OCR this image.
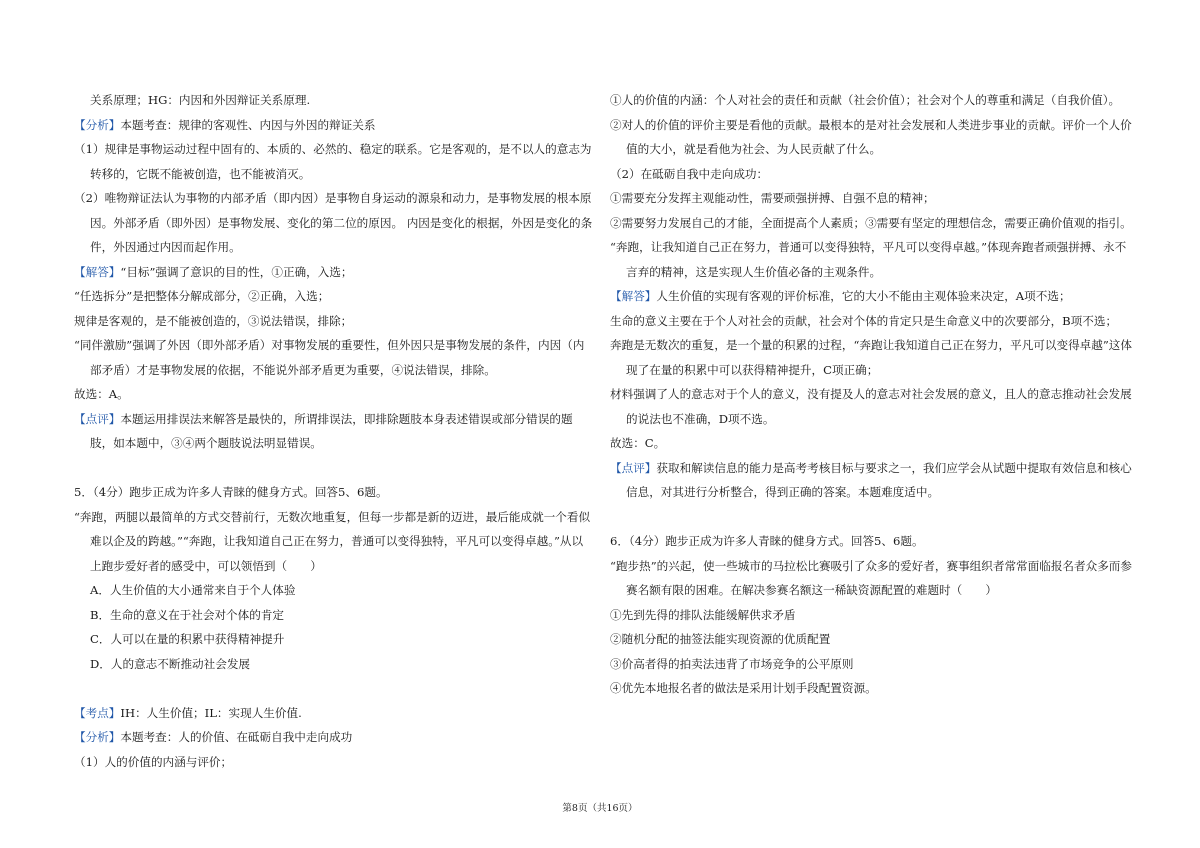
关系原理；HG：内因和外因辩证关系原理.

【分析】本题考查：规律的客观性、内因与外因的辩证关系

（1）规律是事物运动过程中固有的、本质的、必然的、稳定的联系。它是客观的，是不以人的意志为转移的，它既不能被创造，也不能被消灭。

（2）唯物辩证法认为事物的内部矛盾（即内因）是事物自身运动的源泉和动力，是事物发展的根本原因。外部矛盾（即外因）是事物发展、变化的第二位的原因。 内因是变化的根据，外因是变化的条件，外因通过内因而起作用。

【解答】“目标”强调了意识的目的性，①正确，入选；

“任选拆分”是把整体分解成部分，②正确，入选；

规律是客观的，是不能被创造的，③说法错误，排除；

“同伴激励”强调了外因（即外部矛盾）对事物发展的重要性，但外因只是事物发展的条件，内因（内部矛盾）才是事物发展的依据，不能说外部矛盾更为重要，④说法错误，排除。

故选：A。

【点评】本题运用排误法来解答是最快的，所谓排误法，即排除题肢本身表述错误或部分错误的题肢，如本题中，③④两个题肢说法明显错误。

5．（4分）跑步正成为许多人青睐的健身方式。回答5、6题。

“奔跑，两腿以最简单的方式交替前行，无数次地重复，但每一步都是新的迈进，最后能成就一个看似难以企及的跨越。”“奔跑，让我知道自己正在努力，普通可以变得独特，平凡可以变得卓越。”从以上跑步爱好者的感受中，可以领悟到（　　）

A．人生价值的大小通常来自于个人体验

B．生命的意义在于社会对个体的肯定

C．人可以在量的积累中获得精神提升

D．人的意志不断推动社会发展

【考点】IH：人生价值；IL：实现人生价值.

【分析】本题考查：人的价值、在砥砺自我中走向成功

（1）人的价值的内涵与评价；

①人的价值的内涵：个人对社会的责任和贡献（社会价值）；社会对个人的尊重和满足（自我价值）。

②对人的价值的评价主要是看他的贡献。最根本的是对社会发展和人类进步事业的贡献。评价一个人价值的大小，就是看他为社会、为人民贡献了什么。

（2）在砥砺自我中走向成功：

①需要充分发挥主观能动性，需要顽强拼搏、自强不息的精神；

②需要努力发展自己的才能，全面提高个人素质；③需要有坚定的理想信念，需要正确价值观的指引。

“奔跑，让我知道自己正在努力，普通可以变得独特，平凡可以变得卓越。”体现奔跑者顽强拼搏、永不言弃的精神，这是实现人生价值必备的主观条件。

【解答】人生价值的实现有客观的评价标准，它的大小不能由主观体验来决定，A项不选；

生命的意义主要在于个人对社会的贡献，社会对个体的肯定只是生命意义中的次要部分，B项不选；

奔跑是无数次的重复，是一个量的积累的过程，“奔跑让我知道自己正在努力，平凡可以变得卓越”这体现了在量的积累中可以获得精神提升，C项正确；

材料强调了人的意志对于个人的意义，没有提及人的意志对社会发展的意义，且人的意志推动社会发展的说法也不准确，D项不选。

故选：C。

【点评】获取和解读信息的能力是高考考核目标与要求之一，我们应学会从试题中提取有效信息和核心信息，对其进行分析整合，得到正确的答案。本题难度适中。

6．（4分）跑步正成为许多人青睐的健身方式。回答5、6题。

“跑步热”的兴起，使一些城市的马拉松比赛吸引了众多的爱好者，赛事组织者常常面临报名者众多而参赛名额有限的困难。在解决参赛名额这一稀缺资源配置的难题时（　　）

①先到先得的排队法能缓解供求矛盾

②随机分配的抽签法能实现资源的优质配置

③价高者得的拍卖法违背了市场竞争的公平原则

④优先本地报名者的做法是采用计划手段配置资源。

第8页（共16页）
